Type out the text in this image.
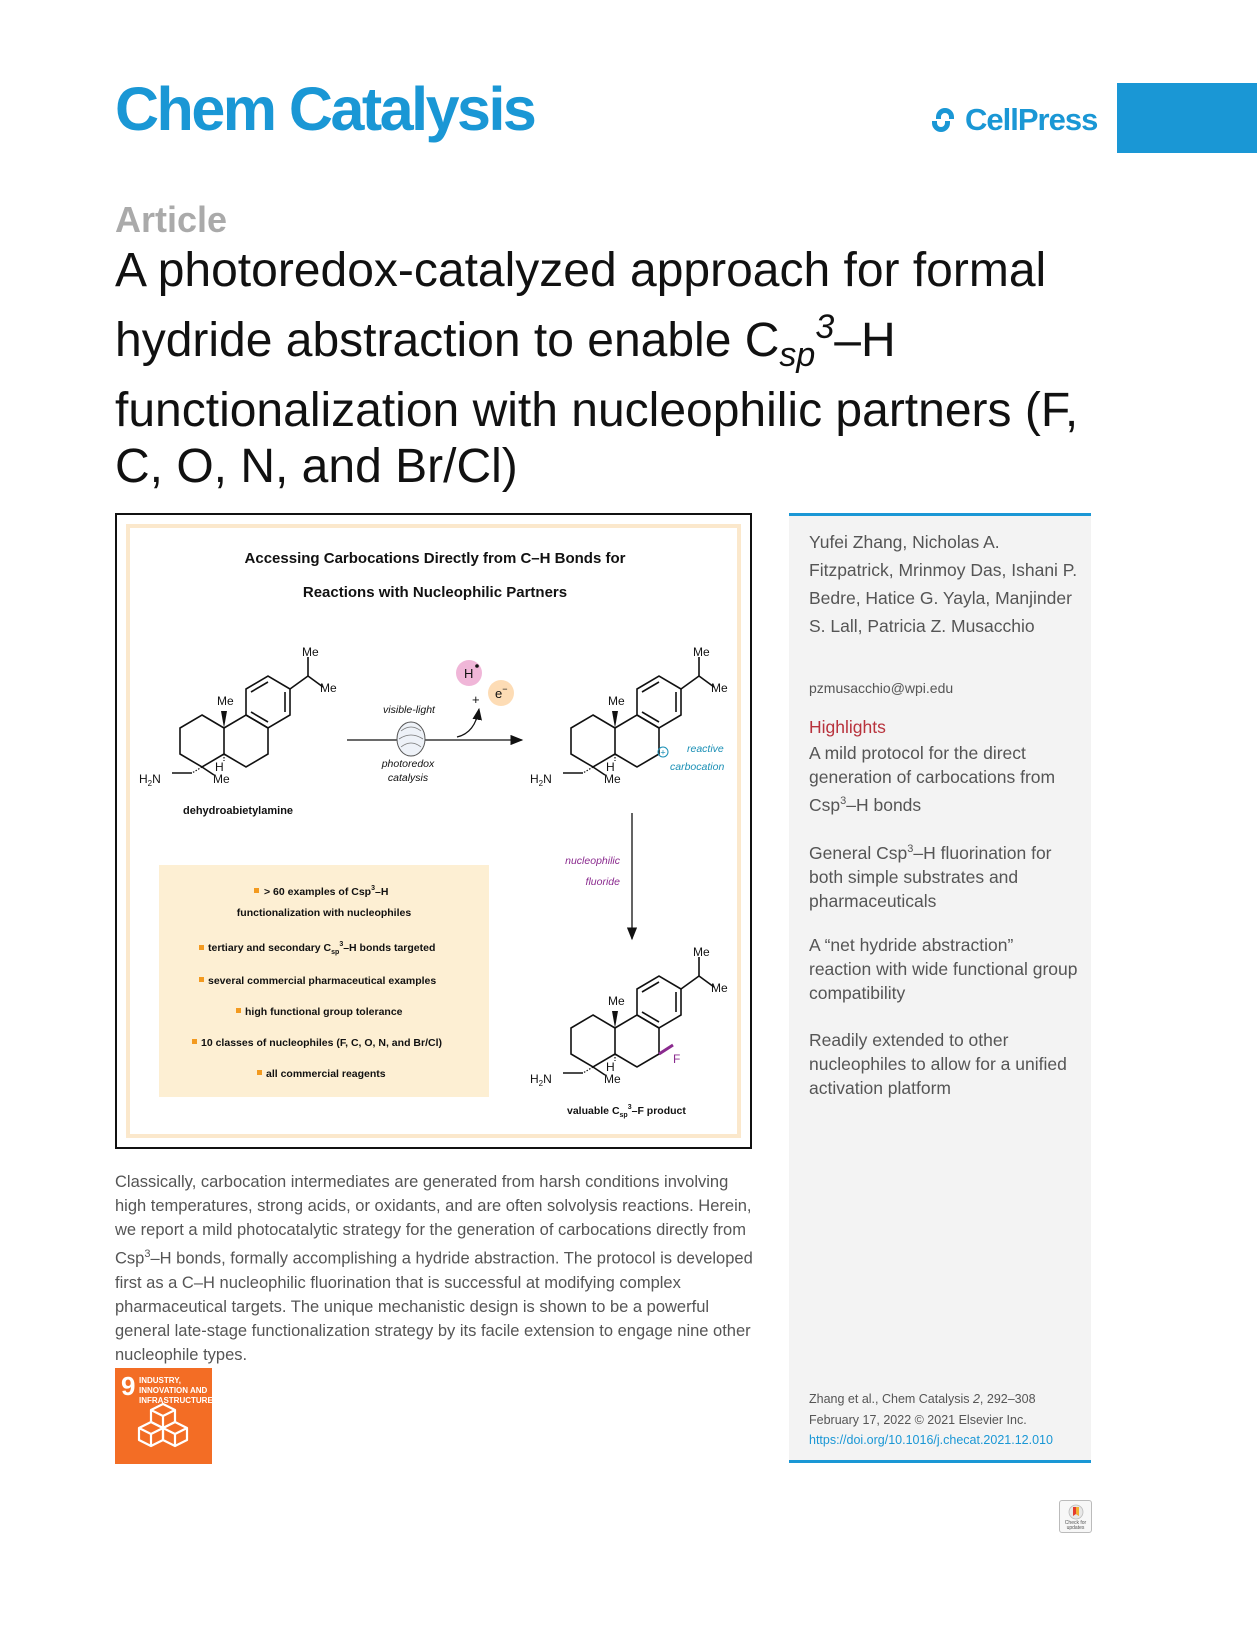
Chem Catalysis	CellPress
Article
A photoredox-catalyzed approach for formal
hydride abstraction to enable $C_{sp}^3-H$
functionalization with nucleophilic partners (F,
C, O, N, and Br/Cl)
Accessing Carbocations Directly from C–H Bonds for
Reactions with Nucleophilic Partners
Me
Me
Me
H
Me
$H_2N$
dehydroabietylamine
visible-light
photoredox
catalysis
H
+ e−
Me
Me
Me
H
Me
$H_2N$
+ reactive
carbocation
nucleophilic
fluoride
> 60 examples of Csp$^3$–H
functionalization with nucleophiles
tertiary and secondary $C_{sp}^3-H$ bonds targeted
several commercial pharmaceutical examples
high functional group tolerance
10 classes of nucleophiles (F, C, O, N, and Br/Cl)
all commercial reagents
Me
Me
Me
H
Me
$H_2N$
F
valuable $C_{sp}^3-F$ product
Yufei Zhang, Nicholas A. Fitzpatrick, Mrinmoy Das, Ishani P. Bedre, Hatice G. Yayla, Manjinder S. Lall, Patricia Z. Musacchio
pzmusacchio@wpi.edu
Highlights
A mild protocol for the direct generation of carbocations from Csp$^3$–H bonds
General Csp$^3$–H fluorination for both simple substrates and pharmaceuticals
A “net hydride abstraction” reaction with wide functional group compatibility
Readily extended to other nucleophiles to allow for a unified activation platform
Zhang et al., Chem Catalysis 2, 292–308
February 17, 2022 © 2021 Elsevier Inc.
https://doi.org/10.1016/j.checat.2021.12.010
Classically, carbocation intermediates are generated from harsh conditions involving high temperatures, strong acids, or oxidants, and are often solvolysis reactions. Herein, we report a mild photocatalytic strategy for the generation of carbocations directly from Csp$^3$–H bonds, formally accomplishing a hydride abstraction. The protocol is developed first as a C–H nucleophilic fluorination that is successful at modifying complex pharmaceutical targets. The unique mechanistic design is shown to be a powerful general late-stage functionalization strategy by its facile extension to engage nine other nucleophile types.
9 INDUSTRY, INNOVATION AND INFRASTRUCTURE
Check for updates
